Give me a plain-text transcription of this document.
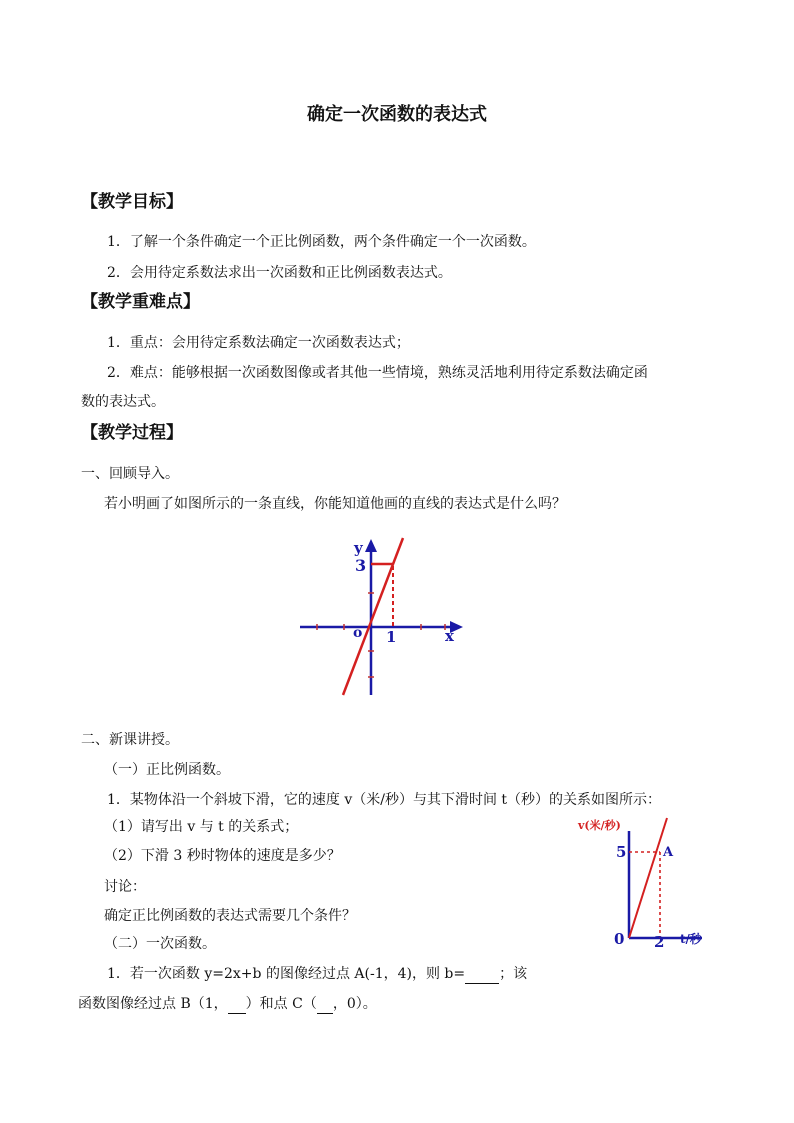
确定一次函数的表达式
【教学目标】
1．了解一个条件确定一个正比例函数，两个条件确定一个一次函数。
2．会用待定系数法求出一次函数和正比例函数表达式。
【教学重难点】
1．重点：会用待定系数法确定一次函数表达式；
2．难点：能够根据一次函数图像或者其他一些情境，熟练灵活地利用待定系数法确定函
数的表达式。
【教学过程】
一、回顾导入。
若小明画了如图所示的一条直线，你能知道他画的直线的表达式是什么吗？
y
3
o 1	x
二、新课讲授。
（一）正比例函数。
1．某物体沿一个斜坡下滑，它的速度 v（米/秒）与其下滑时间 t（秒）的关系如图所示：
（1）请写出 v 与 t 的关系式；
（2）下滑 3 秒时物体的速度是多少？
讨论：
确定正比例函数的表达式需要几个条件？
（二）一次函数。
1．若一次函数 y=2x+b 的图像经过点 A(-1，4)，则 b= ；该
函数图像经过点 B（1， ）和点 C（ ，0）。
v(米/秒)
5	A
0 2 t/秒
